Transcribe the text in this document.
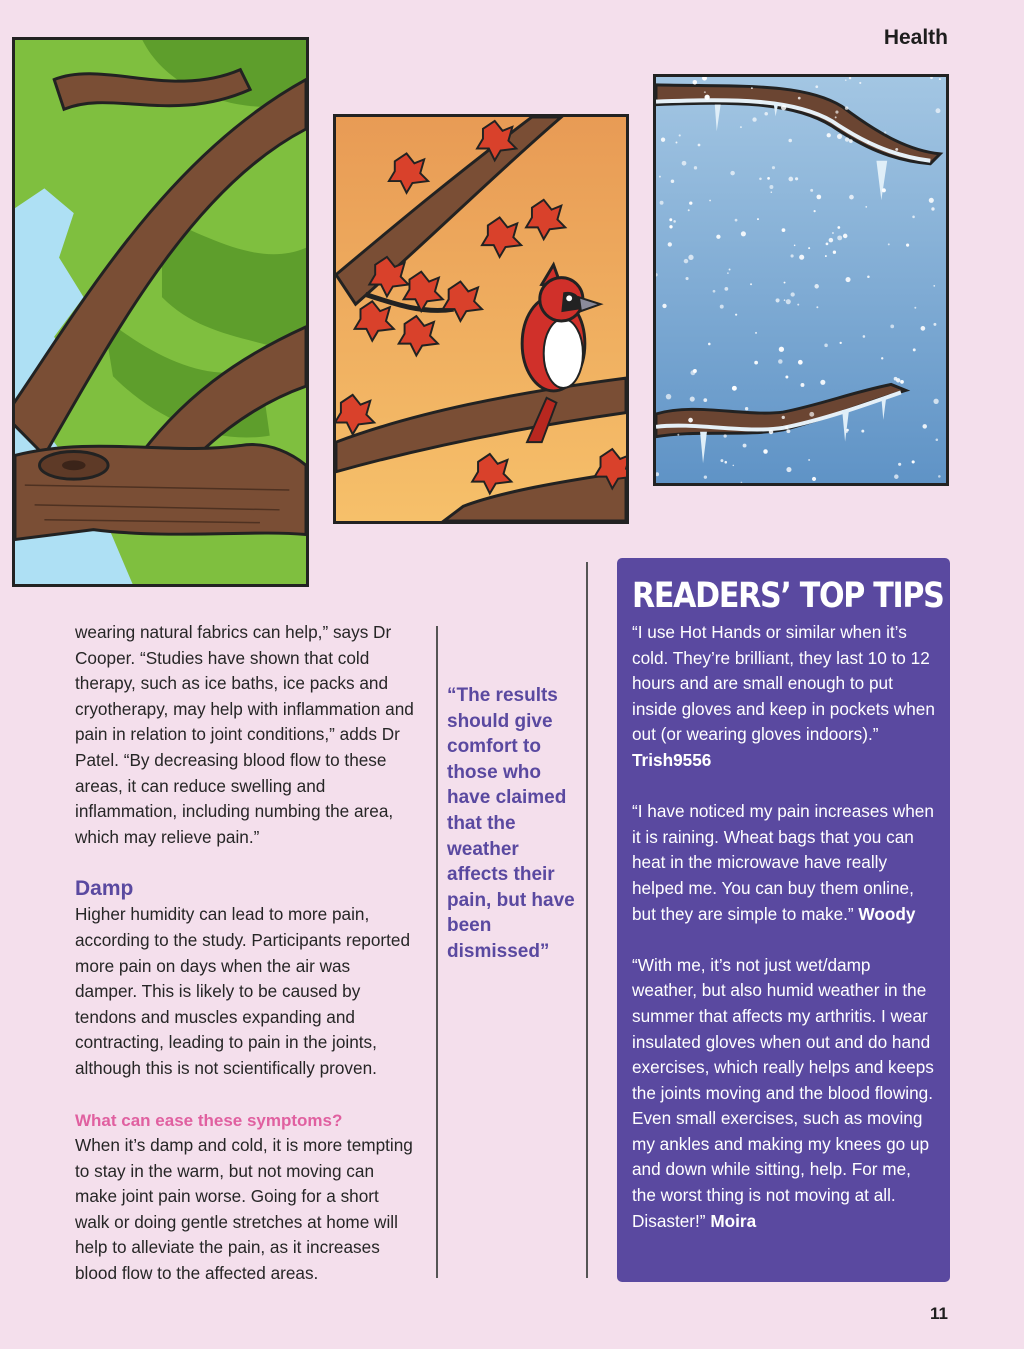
Health

wearing natural fabrics can help,” says Dr Cooper. “Studies have shown that cold therapy, such as ice baths, ice packs and cryotherapy, may help with inflammation and pain in relation to joint conditions,” adds Dr Patel. “By decreasing blood flow to these areas, it can reduce swelling and inflammation, including numbing the area, which may relieve pain.”

Damp

Higher humidity can lead to more pain, according to the study. Participants reported more pain on days when the air was damper. This is likely to be caused by tendons and muscles expanding and contracting, leading to pain in the joints, although this is not scientifically proven.

What can ease these symptoms?

When it’s damp and cold, it is more tempting to stay in the warm, but not moving can make joint pain worse. Going for a short walk or doing gentle stretches at home will help to alleviate the pain, as it increases blood flow to the affected areas.

“The results should give comfort to those who have claimed that the weather affects their pain, but have been dismissed”
READERS’ TOP TIPS
“I use Hot Hands or similar when it’s cold. They’re brilliant, they last 10 to 12 hours and are small enough to put inside gloves and keep in pockets when out (or wearing gloves indoors).” Trish9556
“I have noticed my pain increases when it is raining. Wheat bags that you can heat in the microwave have really helped me. You can buy them online, but they are simple to make.” Woody
“With me, it’s not just wet/damp weather, but also humid weather in the summer that affects my arthritis. I wear insulated gloves when out and do hand exercises, which really helps and keeps the joints moving and the blood flowing. Even small exercises, such as moving my ankles and making my knees go up and down while sitting, help. For me, the worst thing is not moving at all. Disaster!” Moira
11
